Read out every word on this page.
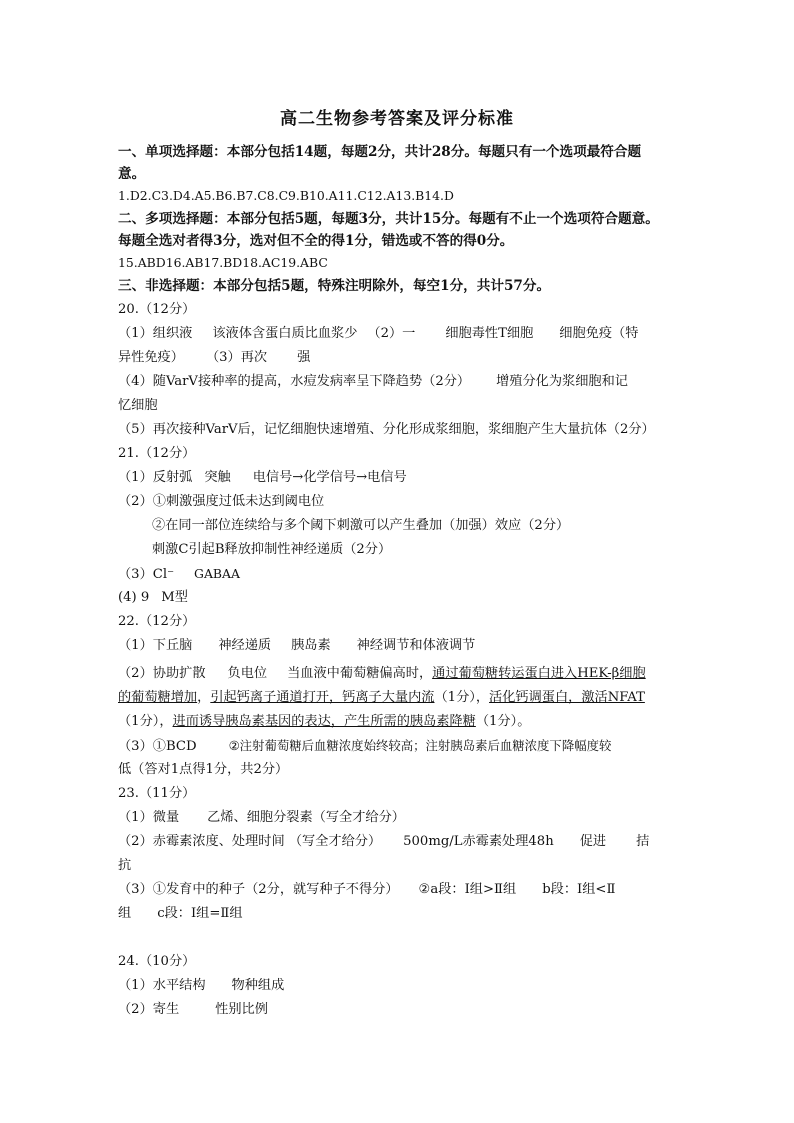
高二生物参考答案及评分标准
一、单项选择题：本部分包括14题，每题2分，共计28分。每题只有一个选项最符合题
意。
1.D2.C3.D4.A5.B6.B7.C8.C9.B10.A11.C12.A13.B14.D
二、多项选择题：本部分包括5题，每题3分，共计15分。每题有不止一个选项符合题意。
每题全选对者得3分，选对但不全的得1分，错选或不答的得0分。
15.ABD16.AB17.BD18.AC19.ABC
三、非选择题：本部分包括5题，特殊注明除外，每空1分，共计57分。
20.（12分）
（1）组织液 该液体含蛋白质比血浆少 （2）一 细胞毒性T细胞 细胞免疫（特
异性免疫） （3）再次 强
（4）随VarV接种率的提高，水痘发病率呈下降趋势（2分） 增殖分化为浆细胞和记
忆细胞
（5）再次接种VarV后，记忆细胞快速增殖、分化形成浆细胞，浆细胞产生大量抗体（2分）
21.（12分）
（1）反射弧 突触 电信号→化学信号→电信号
（2）①刺激强度过低未达到阈电位
②在同一部位连续给与多个阈下刺激可以产生叠加（加强）效应（2分）
刺激C引起B释放抑制性神经递质（2分）
（3）Cl⁻ GABAA
(4) 9 M型
22.（12分）
（1）下丘脑 神经递质 胰岛素 神经调节和体液调节
（2）协助扩散 负电位 当血液中葡萄糖偏高时，通过葡萄糖转运蛋白进入HEK-β细胞
的葡萄糖增加，引起钙离子通道打开，钙离子大量内流（1分），活化钙调蛋白，激活NFAT
（1分），进而诱导胰岛素基因的表达，产生所需的胰岛素降糖（1分）。
（3）①BCD	②注射葡萄糖后血糖浓度始终较高；注射胰岛素后血糖浓度下降幅度较
低（答对1点得1分，共2分）
23.（11分）
（1）微量 乙烯、细胞分裂素（写全才给分）
（2）赤霉素浓度、处理时间 （写全才给分） 500mg/L赤霉素处理48h 促进 拮
抗
（3）①发育中的种子（2分，就写种子不得分） ②a段：Ⅰ组>Ⅱ组 b段：Ⅰ组<Ⅱ
组 c段：Ⅰ组=Ⅱ组
24.（10分）
（1）水平结构 物种组成
（2）寄生	性别比例
